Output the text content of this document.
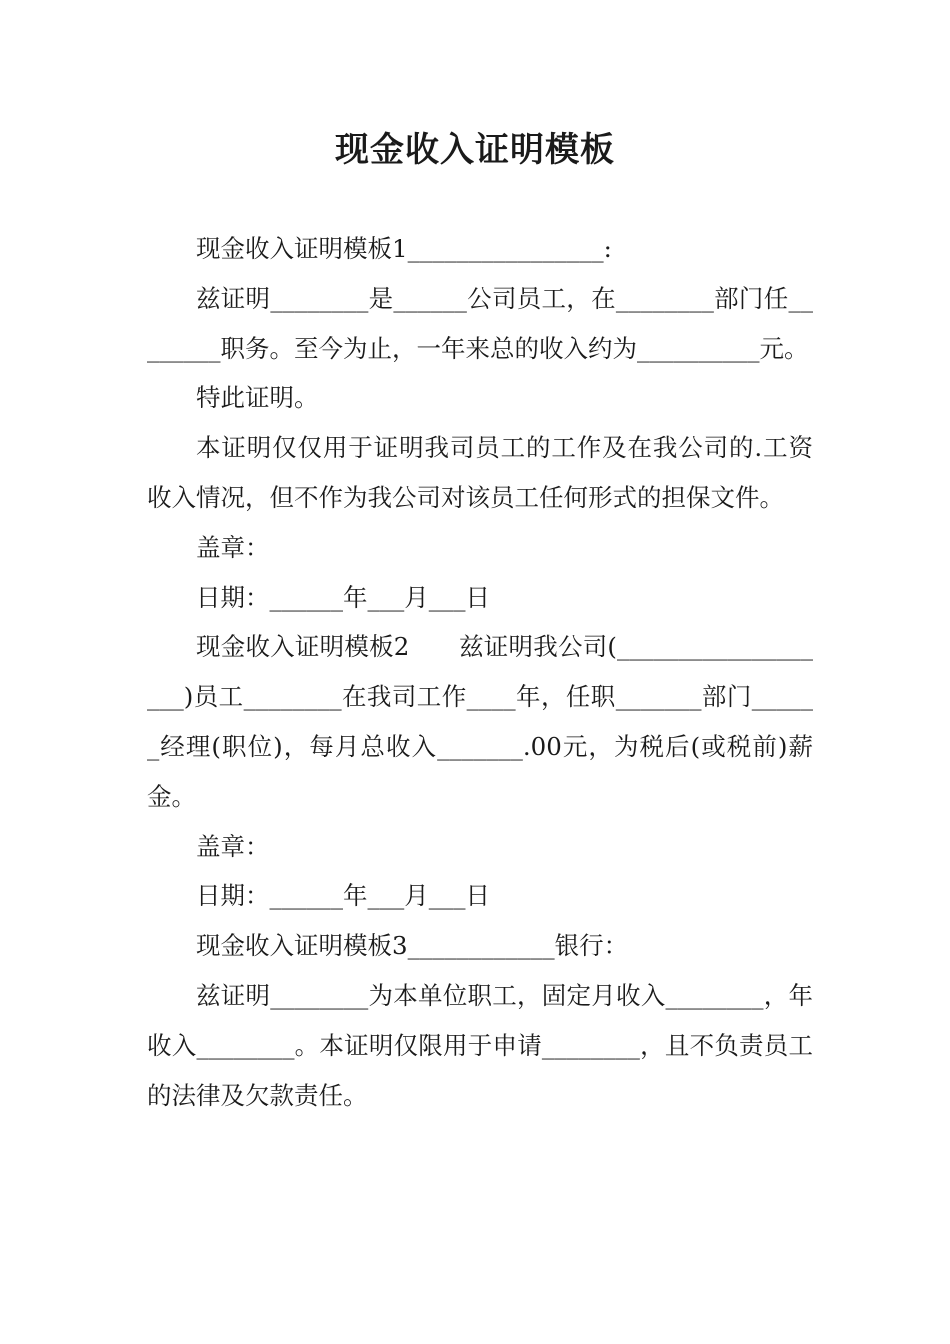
现金收入证明模板

现金收入证明模板1________________:

兹证明________是______公司员工，在________部门任________职务。至今为止，一年来总的收入约为__________元。

特此证明。

本证明仅仅用于证明我司员工的工作及在我公司的.工资收入情况，但不作为我公司对该员工任何形式的担保文件。

盖章：

日期：______年___月___日

现金收入证明模板2　　兹证明我公司(___________________)员工________在我司工作____年，任职_______部门______经理(职位)，每月总收入_______.00元，为税后(或税前)薪金。

盖章：

日期：______年___月___日

现金收入证明模板3____________银行：

兹证明________为本单位职工，固定月收入________，年收入________。本证明仅限用于申请________，且不负责员工的法律及欠款责任。
